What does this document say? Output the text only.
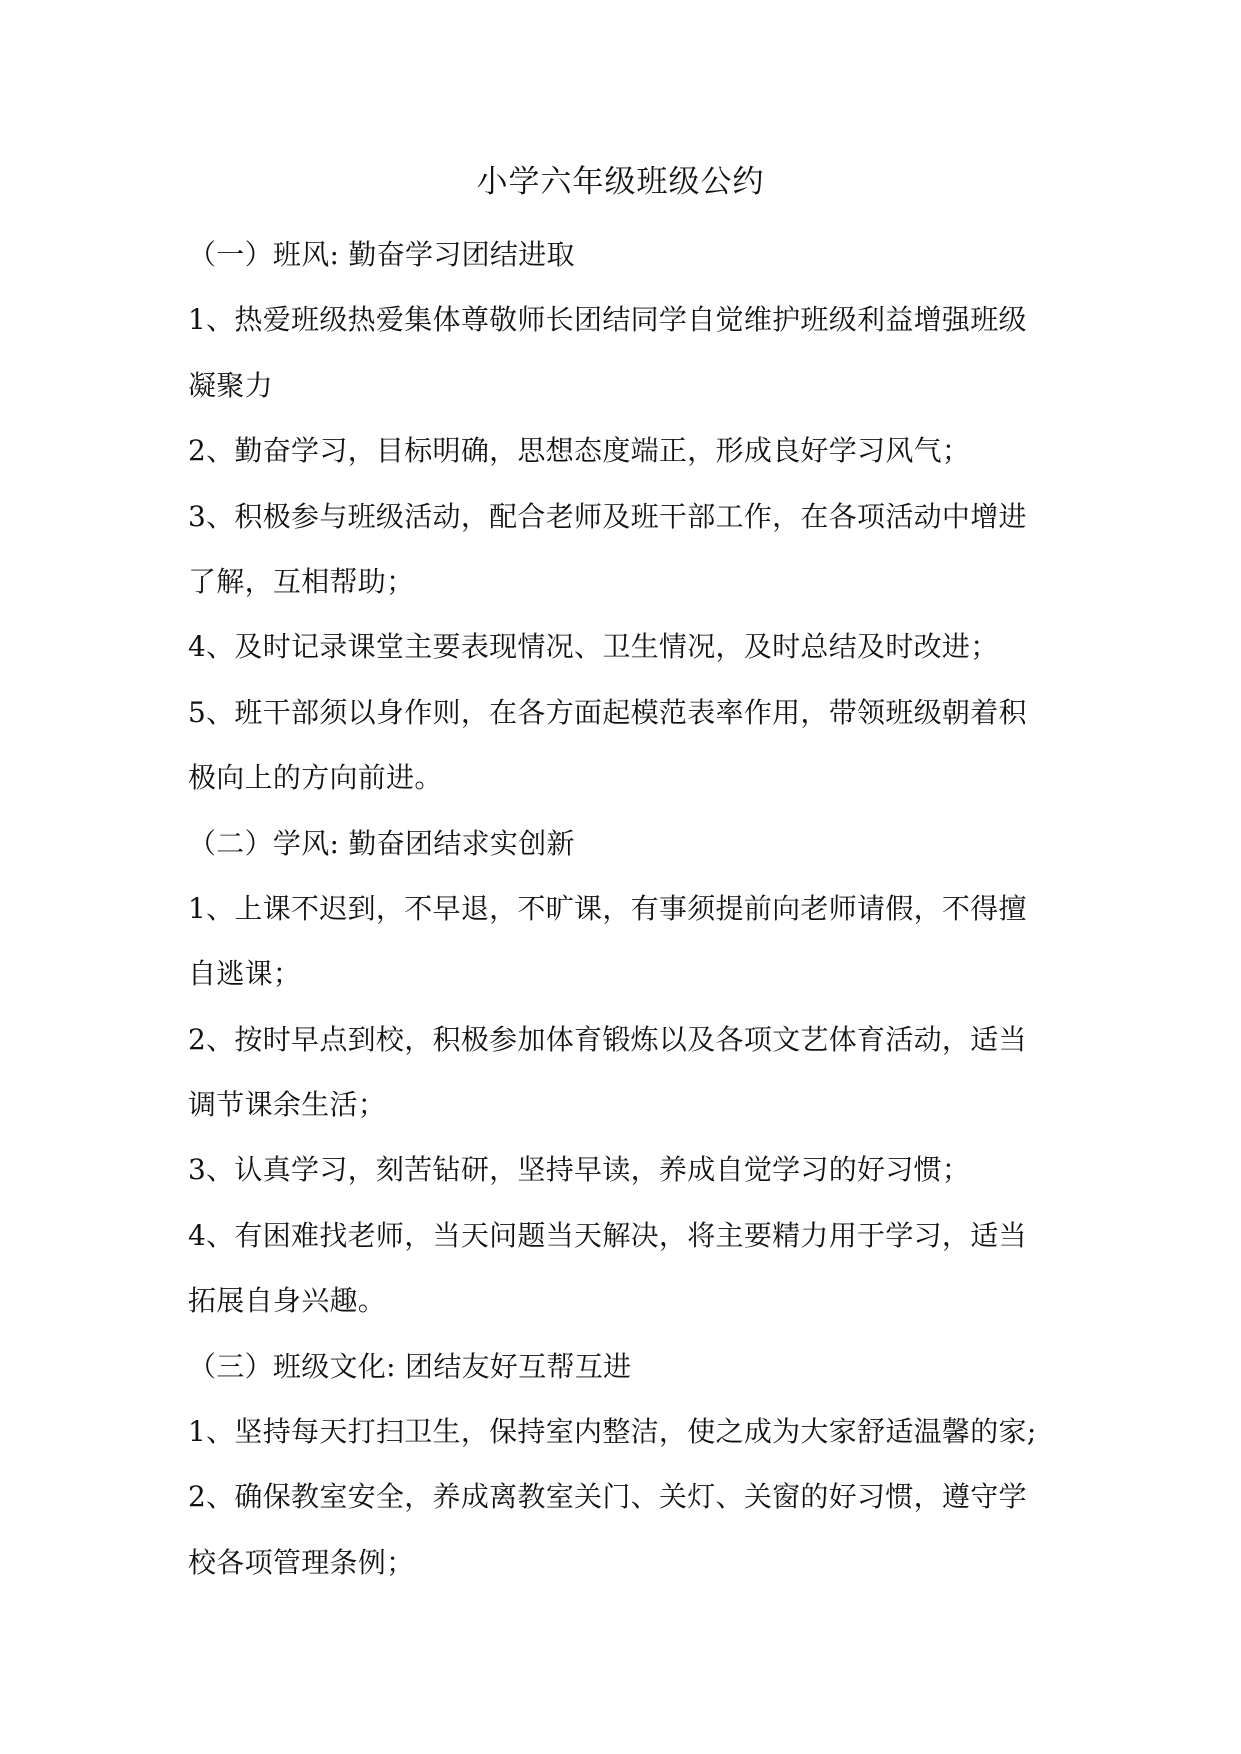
小学六年级班级公约
（一）班风: 勤奋学习团结进取
1、热爱班级热爱集体尊敬师长团结同学自觉维护班级利益增强班级
凝聚力
2、勤奋学习，目标明确，思想态度端正，形成良好学习风气；
3、积极参与班级活动，配合老师及班干部工作，在各项活动中增进
了解，互相帮助；
4、及时记录课堂主要表现情况、卫生情况，及时总结及时改进；
5、班干部须以身作则，在各方面起模范表率作用，带领班级朝着积
极向上的方向前进。
（二）学风: 勤奋团结求实创新
1、上课不迟到，不早退，不旷课，有事须提前向老师请假，不得擅
自逃课；
2、按时早点到校，积极参加体育锻炼以及各项文艺体育活动，适当
调节课余生活；
3、认真学习，刻苦钻研，坚持早读，养成自觉学习的好习惯；
4、有困难找老师，当天问题当天解决，将主要精力用于学习，适当
拓展自身兴趣。
（三）班级文化: 团结友好互帮互进
1、坚持每天打扫卫生，保持室内整洁，使之成为大家舒适温馨的家;
2、确保教室安全，养成离教室关门、关灯、关窗的好习惯，遵守学
校各项管理条例；
